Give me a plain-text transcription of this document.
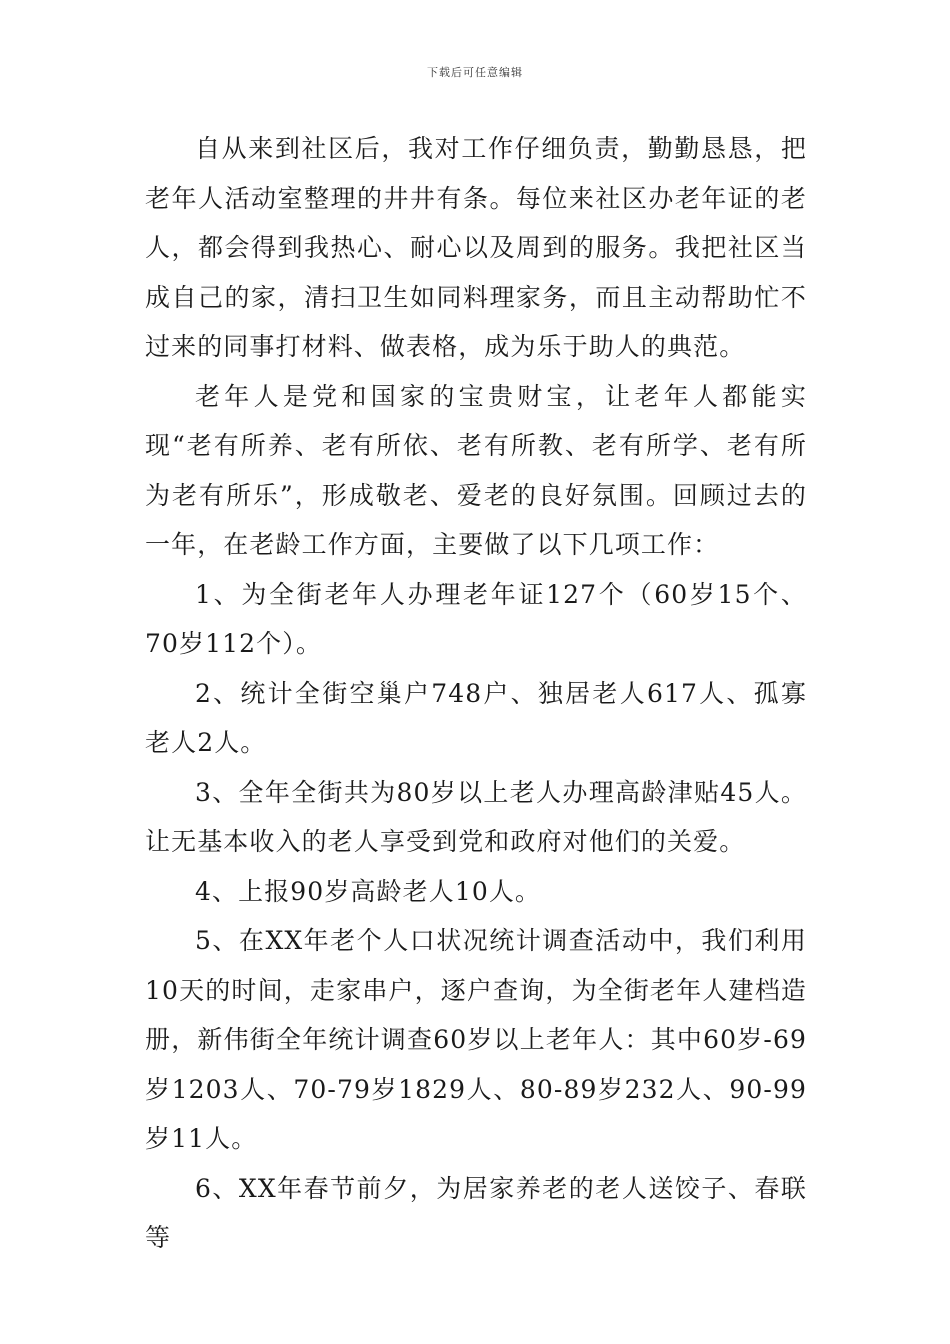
下载后可任意编辑

自从来到社区后，我对工作仔细负责，勤勤恳恳，把老年人活动室整理的井井有条。每位来社区办老年证的老人，都会得到我热心、耐心以及周到的服务。我把社区当成自己的家，清扫卫生如同料理家务，而且主动帮助忙不过来的同事打材料、做表格，成为乐于助人的典范。

老年人是党和国家的宝贵财宝，让老年人都能实现“老有所养、老有所依、老有所教、老有所学、老有所为老有所乐”，形成敬老、爱老的良好氛围。回顾过去的一年，在老龄工作方面，主要做了以下几项工作：

1、为全街老年人办理老年证127个（60岁15个、70岁112个）。

2、统计全街空巢户748户、独居老人617人、孤寡老人2人。

3、全年全街共为80岁以上老人办理高龄津贴45人。让无基本收入的老人享受到党和政府对他们的关爱。

4、上报90岁高龄老人10人。

5、在XX年老个人口状况统计调查活动中，我们利用10天的时间，走家串户，逐户查询，为全街老年人建档造册，新伟街全年统计调查60岁以上老年人：其中60岁-69岁1203人、70-79岁1829人、80-89岁232人、90-99岁11人。

6、XX年春节前夕，为居家养老的老人送饺子、春联等
